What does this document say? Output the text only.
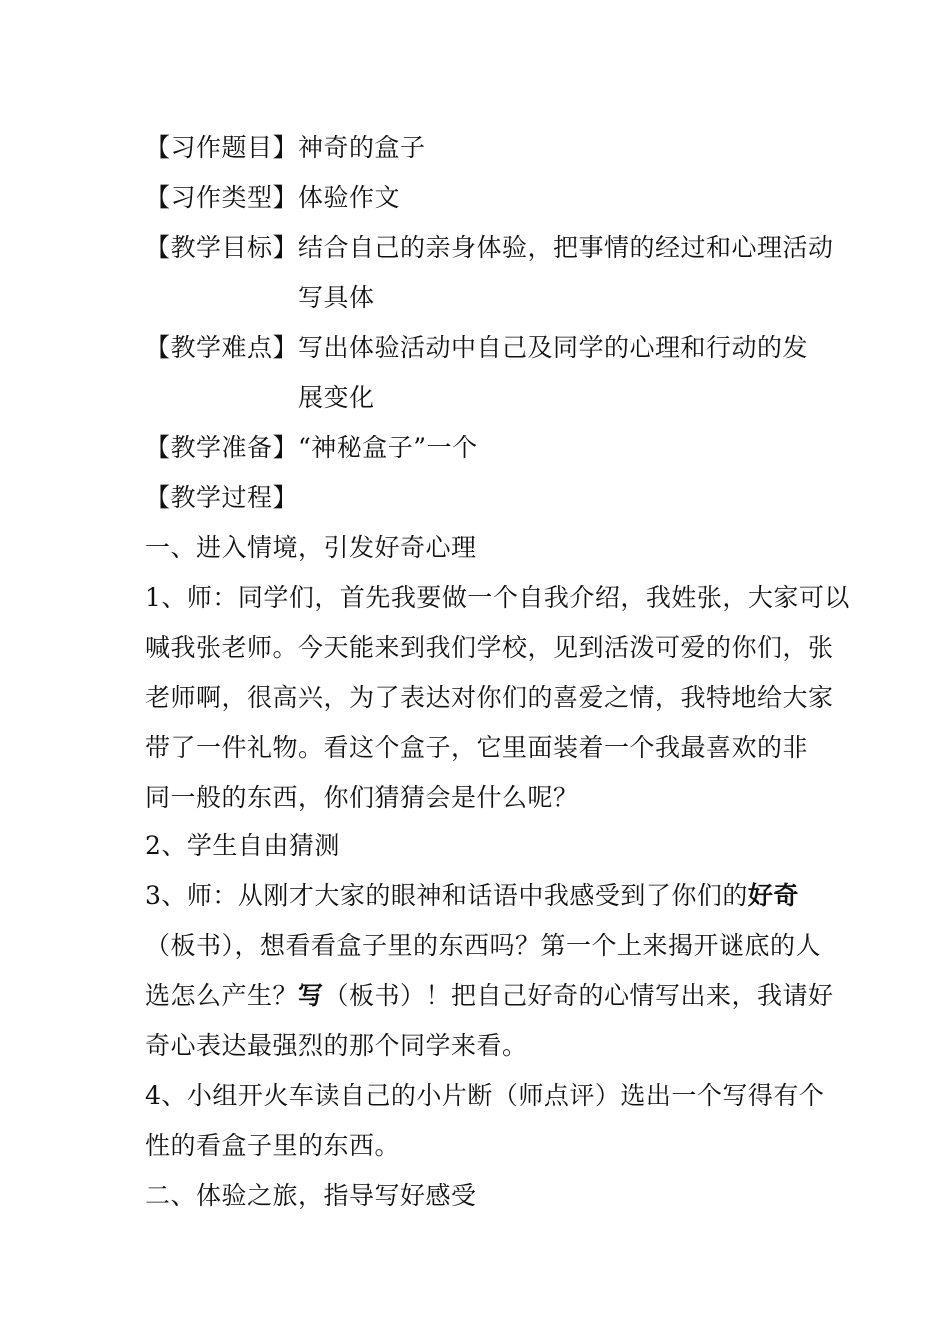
【习作题目】 神奇的盒子
【习作类型】 体验作文
【教学目标】 结合自己的亲身体验，把事情的经过和心理活动
写具体
【教学难点】 写出体验活动中自己及同学的心理和行动的发
展变化
【教学准备】 “神秘盒子”一个
【教学过程】
一、进入情境，引发好奇心理
1、师：同学们，首先我要做一个自我介绍，我姓张，大家可以
喊我张老师。今天能来到我们学校，见到活泼可爱的你们，张
老师啊，很高兴，为了表达对你们的喜爱之情，我特地给大家
带了一件礼物。看这个盒子，它里面装着一个我最喜欢的非
同一般的东西，你们猜猜会是什么呢？
2、学生自由猜测
3、师：从刚才大家的眼神和话语中我感受到了你们的好奇
（板书），想看看盒子里的东西吗？第一个上来揭开谜底的人
选怎么产生？写（板书）！把自己好奇的心情写出来，我请好
奇心表达最强烈的那个同学来看。
4、小组开火车读自己的小片断（师点评）选出一个写得有个
性的看盒子里的东西。
二、体验之旅，指导写好感受
